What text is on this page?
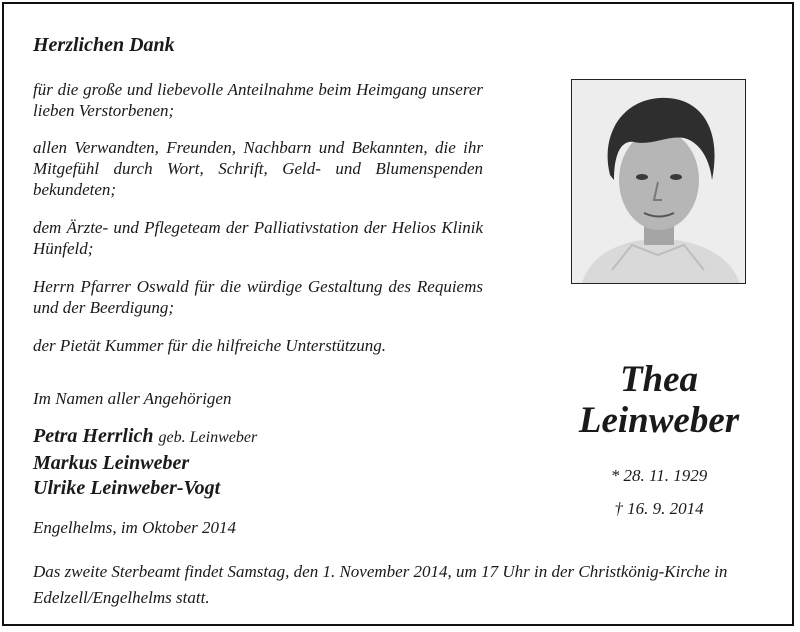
Herzlichen Dank
für die große und liebevolle Anteilnahme beim Heimgang unserer lieben Verstorbenen;
allen Verwandten, Freunden, Nachbarn und Bekannten, die ihr Mitgefühl durch Wort, Schrift, Geld- und Blumenspenden bekundeten;
dem Ärzte- und Pflegeteam der Palliativstation der Helios Klinik Hünfeld;
Herrn Pfarrer Oswald für die würdige Gestaltung des Requiems und der Beerdigung;
der Pietät Kummer für die hilfreiche Unterstützung.
Im Namen aller Angehörigen
Petra Herrlich geb. Leinweber
Markus Leinweber
Ulrike Leinweber-Vogt
Engelhelms, im Oktober 2014
Thea
Leinweber
* 28. 11. 1929
† 16. 9. 2014
Das zweite Sterbeamt findet Samstag, den 1. November 2014, um 17 Uhr in der Christkönig-Kirche in Edelzell/Engelhelms statt.
